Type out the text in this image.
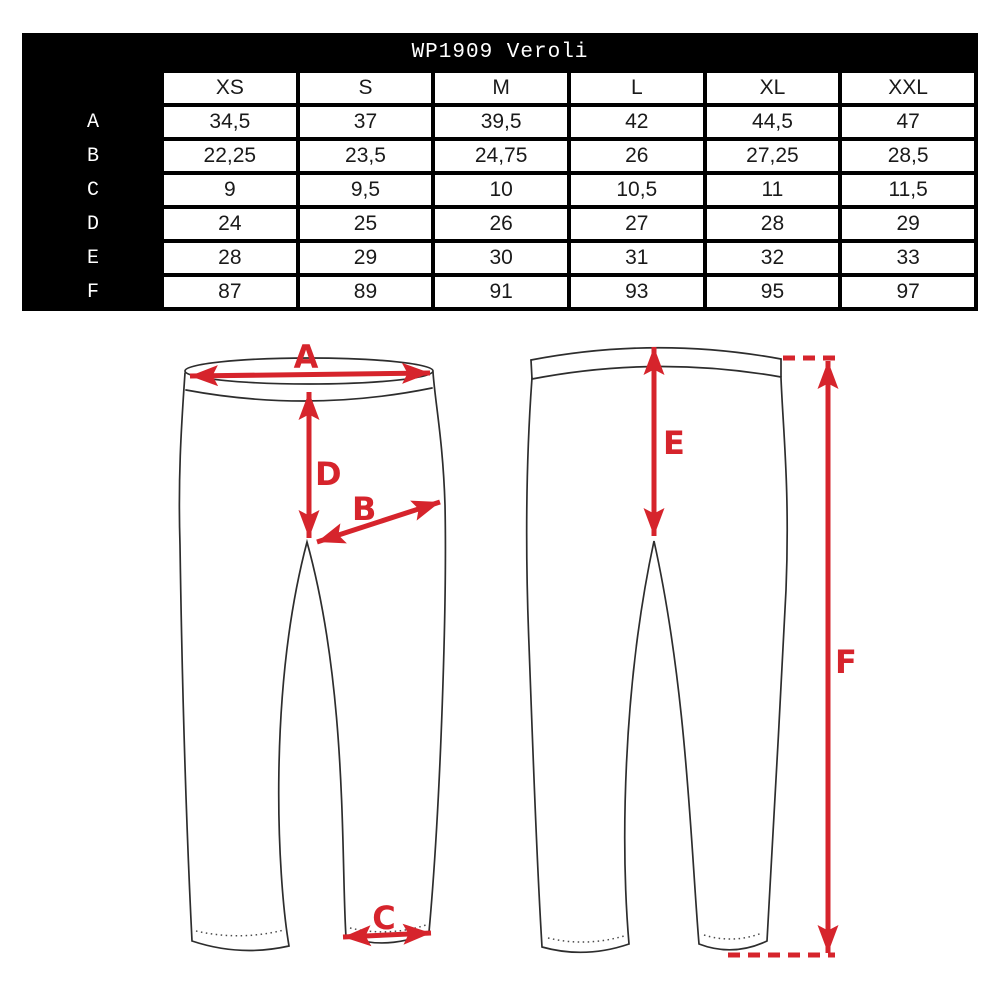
WP1909 Veroli
	XS	S	M	L	XL	XXL
A	34,5	37	39,5	42	44,5	47
B	22,25	23,5	24,75	26	27,25	28,5
C	9	9,5	10	10,5	11	11,5
D	24	25	26	27	28	29
E	28	29	30	31	32	33
F	87	89	91	93	95	97
A
D
B
C
E
F
